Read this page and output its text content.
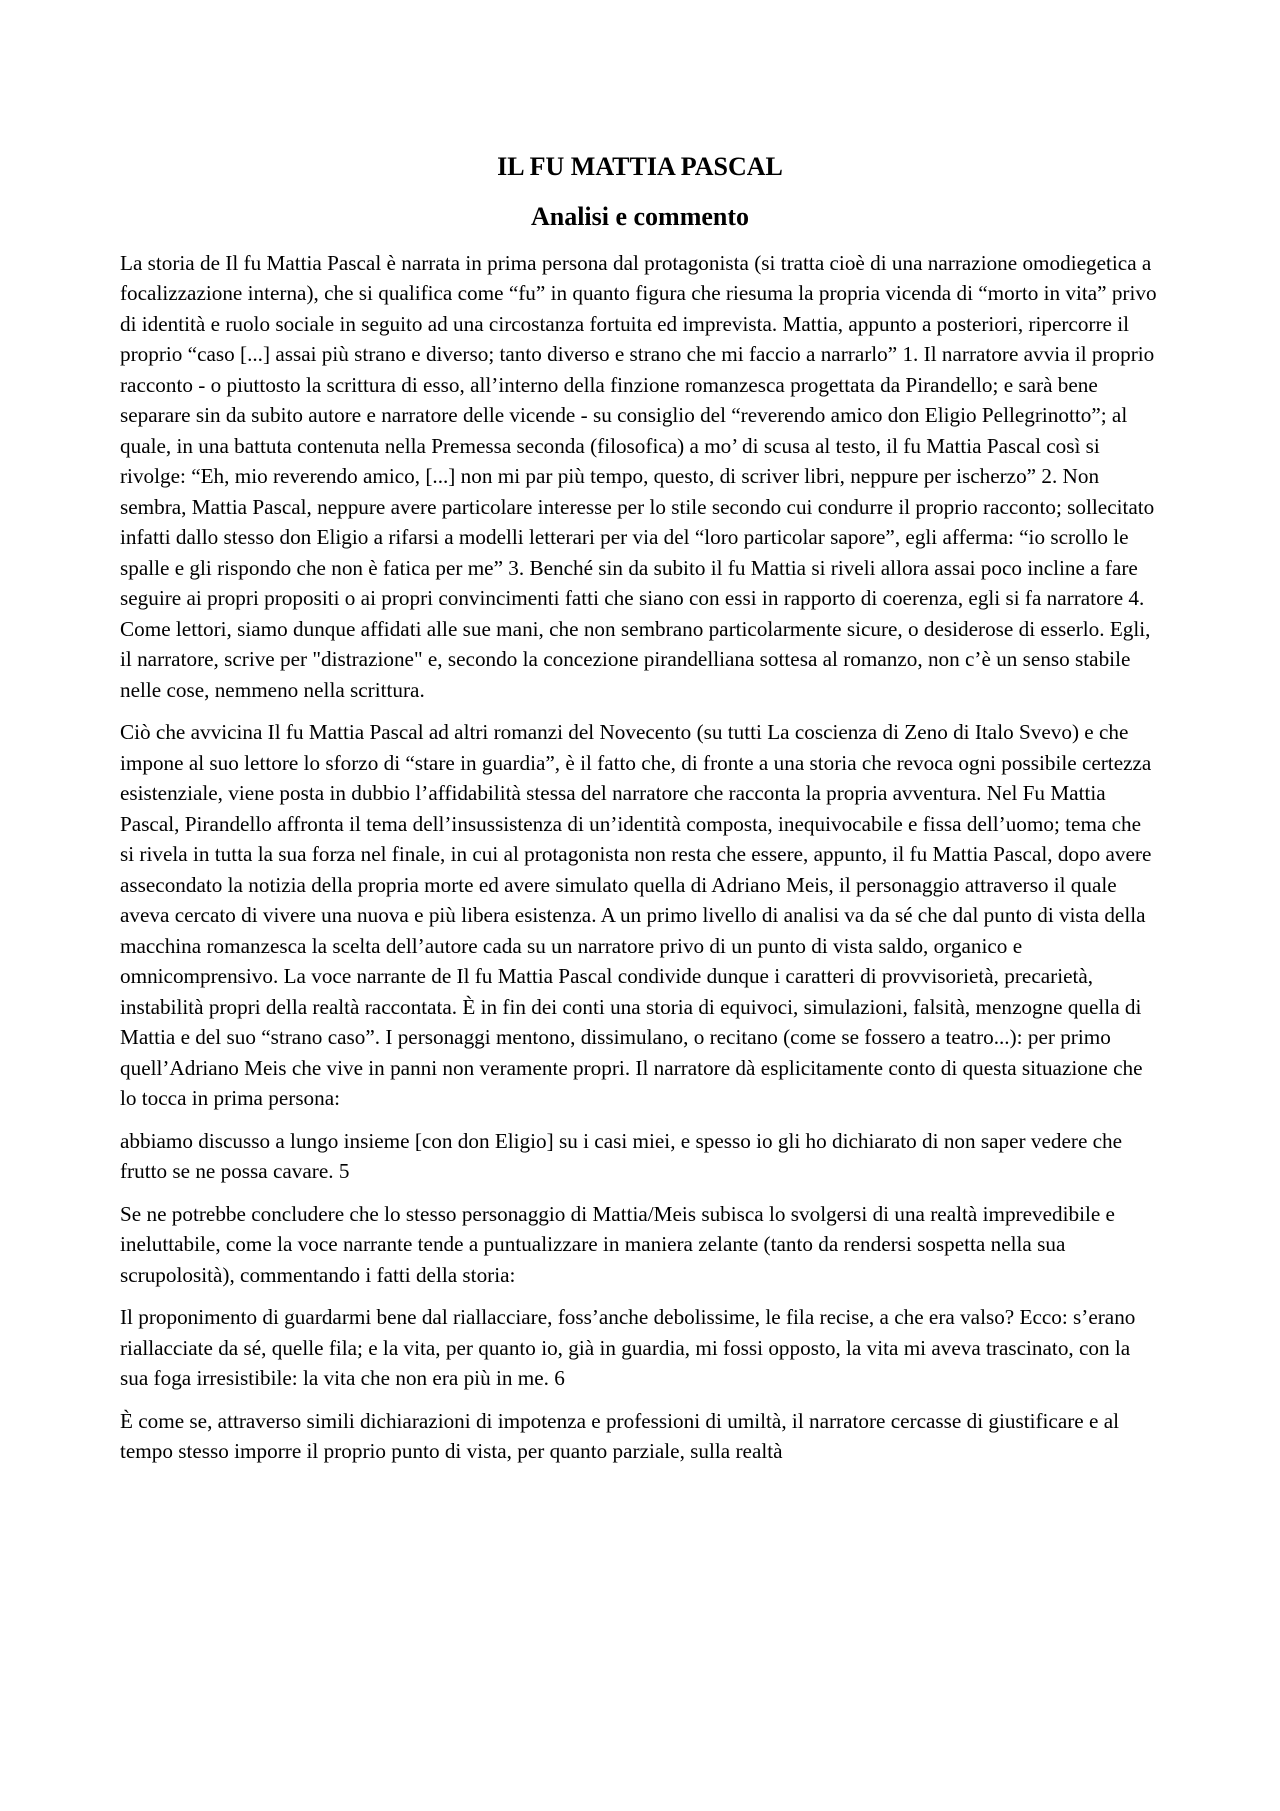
IL FU MATTIA PASCAL
Analisi e commento

La storia de Il fu Mattia Pascal è narrata in prima persona dal protagonista (si tratta cioè di una narrazione omodiegetica a focalizzazione interna), che si qualifica come “fu” in quanto figura che riesuma la propria vicenda di “morto in vita” privo di identità e ruolo sociale in seguito ad una circostanza fortuita ed imprevista. Mattia, appunto a posteriori, ripercorre il proprio “caso [...] assai più strano e diverso; tanto diverso e strano che mi faccio a narrarlo” 1. Il narratore avvia il proprio racconto - o piuttosto la scrittura di esso, all’interno della finzione romanzesca progettata da Pirandello; e sarà bene separare sin da subito autore e narratore delle vicende - su consiglio del “reverendo amico don Eligio Pellegrinotto”; al quale, in una battuta contenuta nella Premessa seconda (filosofica) a mo’ di scusa al testo, il fu Mattia Pascal così si rivolge: “Eh, mio reverendo amico, [...] non mi par più tempo, questo, di scriver libri, neppure per ischerzo” 2. Non sembra, Mattia Pascal, neppure avere particolare interesse per lo stile secondo cui condurre il proprio racconto; sollecitato infatti dallo stesso don Eligio a rifarsi a modelli letterari per via del “loro particolar sapore”, egli afferma: “io scrollo le spalle e gli rispondo che non è fatica per me” 3. Benché sin da subito il fu Mattia si riveli allora assai poco incline a fare seguire ai propri propositi o ai propri convincimenti fatti che siano con essi in rapporto di coerenza, egli si fa narratore 4. Come lettori, siamo dunque affidati alle sue mani, che non sembrano particolarmente sicure, o desiderose di esserlo. Egli, il narratore, scrive per "distrazione" e, secondo la concezione pirandelliana sottesa al romanzo, non c’è un senso stabile nelle cose, nemmeno nella scrittura.

Ciò che avvicina Il fu Mattia Pascal ad altri romanzi del Novecento (su tutti La coscienza di Zeno di Italo Svevo) e che impone al suo lettore lo sforzo di “stare in guardia”, è il fatto che, di fronte a una storia che revoca ogni possibile certezza esistenziale, viene posta in dubbio l’affidabilità stessa del narratore che racconta la propria avventura. Nel Fu Mattia Pascal, Pirandello affronta il tema dell’insussistenza di un’identità composta, inequivocabile e fissa dell’uomo; tema che si rivela in tutta la sua forza nel finale, in cui al protagonista non resta che essere, appunto, il fu Mattia Pascal, dopo avere assecondato la notizia della propria morte ed avere simulato quella di Adriano Meis, il personaggio attraverso il quale aveva cercato di vivere una nuova e più libera esistenza. A un primo livello di analisi va da sé che dal punto di vista della macchina romanzesca la scelta dell’autore cada su un narratore privo di un punto di vista saldo, organico e omnicomprensivo. La voce narrante de Il fu Mattia Pascal condivide dunque i caratteri di provvisorietà, precarietà, instabilità propri della realtà raccontata. È in fin dei conti una storia di equivoci, simulazioni, falsità, menzogne quella di Mattia e del suo “strano caso”. I personaggi mentono, dissimulano, o recitano (come se fossero a teatro...): per primo quell’Adriano Meis che vive in panni non veramente propri. Il narratore dà esplicitamente conto di questa situazione che lo tocca in prima persona:

abbiamo discusso a lungo insieme [con don Eligio] su i casi miei, e spesso io gli ho dichiarato di non saper vedere che frutto se ne possa cavare. 5

Se ne potrebbe concludere che lo stesso personaggio di Mattia/Meis subisca lo svolgersi di una realtà imprevedibile e ineluttabile, come la voce narrante tende a puntualizzare in maniera zelante (tanto da rendersi sospetta nella sua scrupolosità), commentando i fatti della storia:

Il proponimento di guardarmi bene dal riallacciare, foss’anche debolissime, le fila recise, a che era valso? Ecco: s’erano riallacciate da sé, quelle fila; e la vita, per quanto io, già in guardia, mi fossi opposto, la vita mi aveva trascinato, con la sua foga irresistibile: la vita che non era più in me. 6

È come se, attraverso simili dichiarazioni di impotenza e professioni di umiltà, il narratore cercasse di giustificare e al tempo stesso imporre il proprio punto di vista, per quanto parziale, sulla realtà
